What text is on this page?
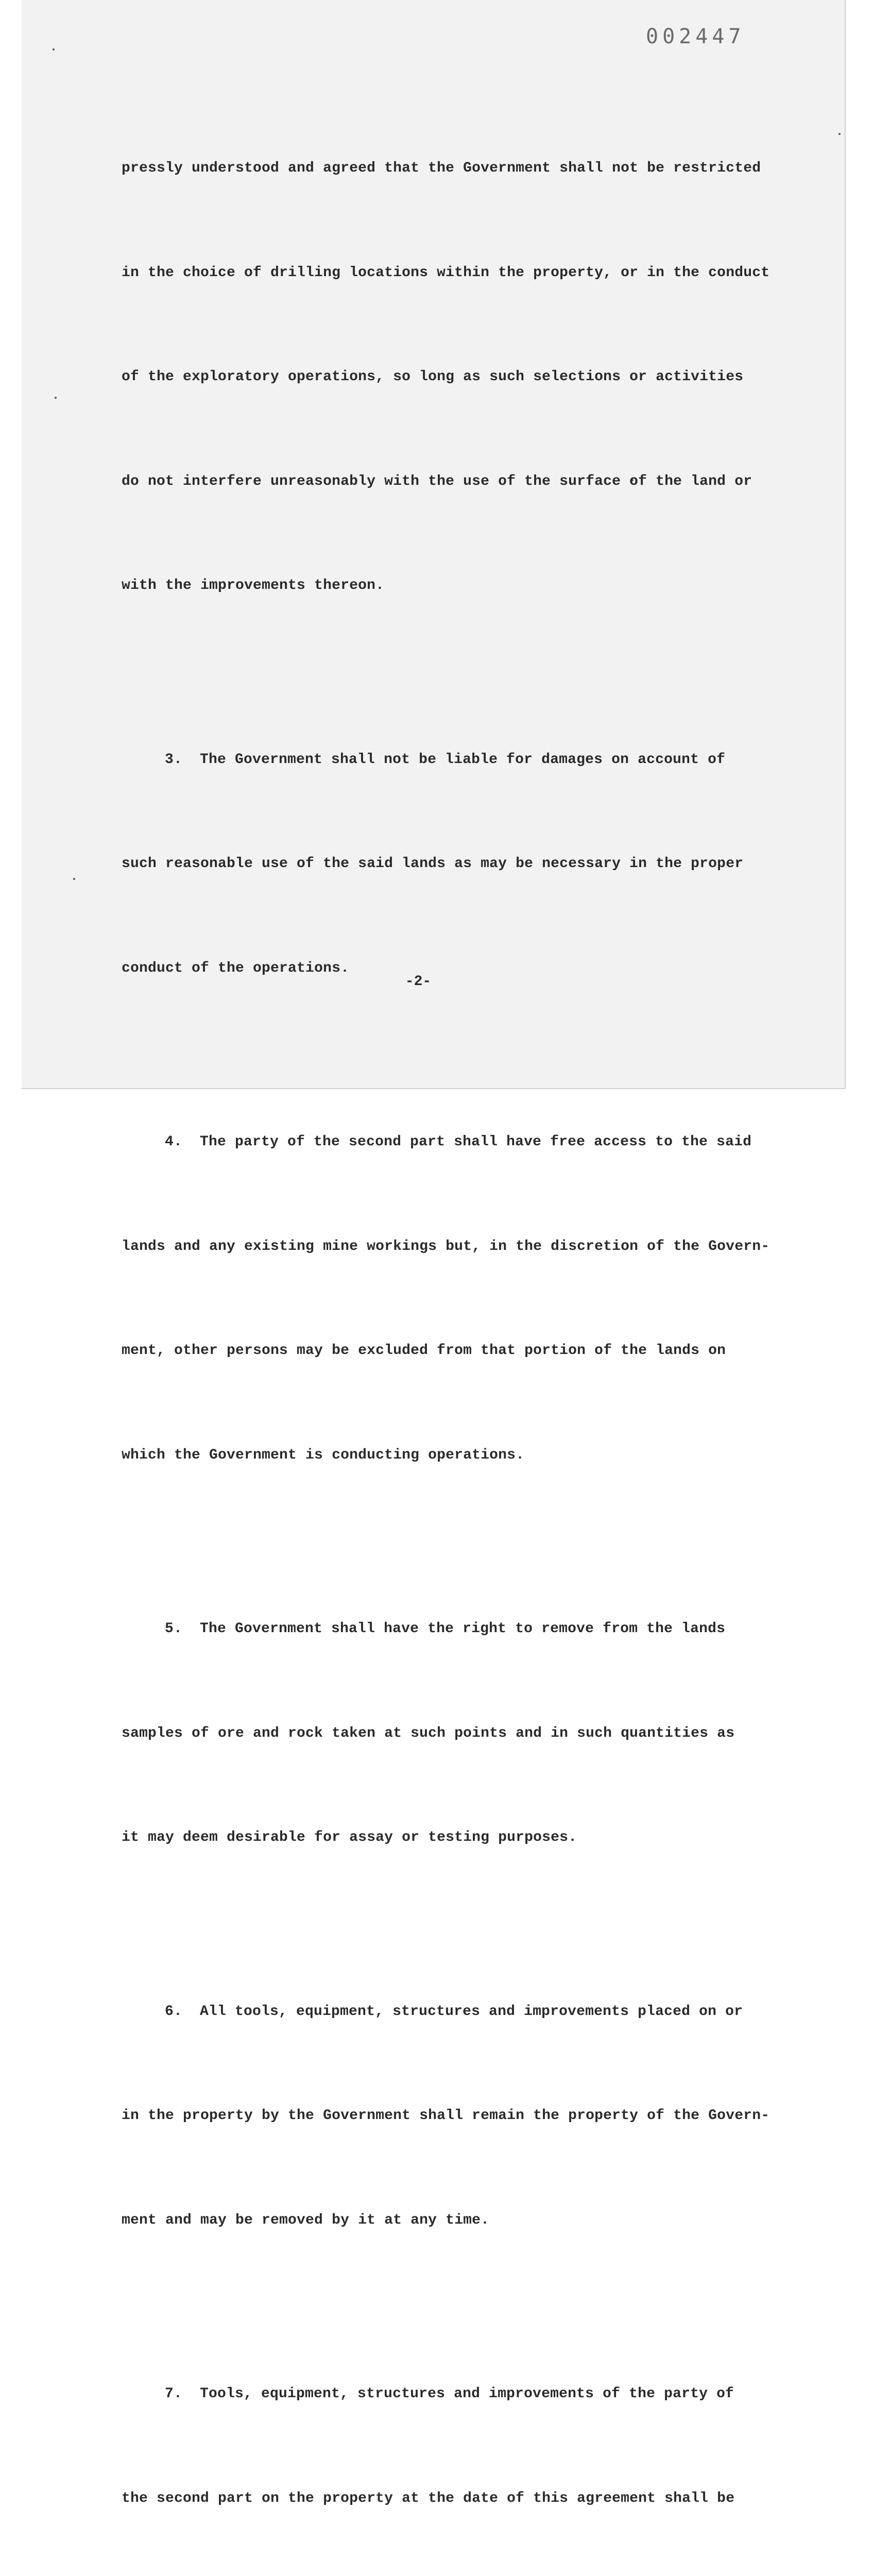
002447

pressly understood and agreed that the Government shall not be restricted

in the choice of drilling locations within the property, or in the conduct

of the exploratory operations, so long as such selections or activities

do not interfere unreasonably with the use of the surface of the land or

with the improvements thereon.

3.  The Government shall not be liable for damages on account of

such reasonable use of the said lands as may be necessary in the proper

conduct of the operations.

4.  The party of the second part shall have free access to the said

lands and any existing mine workings but, in the discretion of the Govern-

ment, other persons may be excluded from that portion of the lands on

which the Government is conducting operations.

5.  The Government shall have the right to remove from the lands

samples of ore and rock taken at such points and in such quantities as

it may deem desirable for assay or testing purposes.

6.  All tools, equipment, structures and improvements placed on or

in the property by the Government shall remain the property of the Govern-

ment and may be removed by it at any time.

7.  Tools, equipment, structures and improvements of the party of

the second part on the property at the date of this agreement shall be

-2-
